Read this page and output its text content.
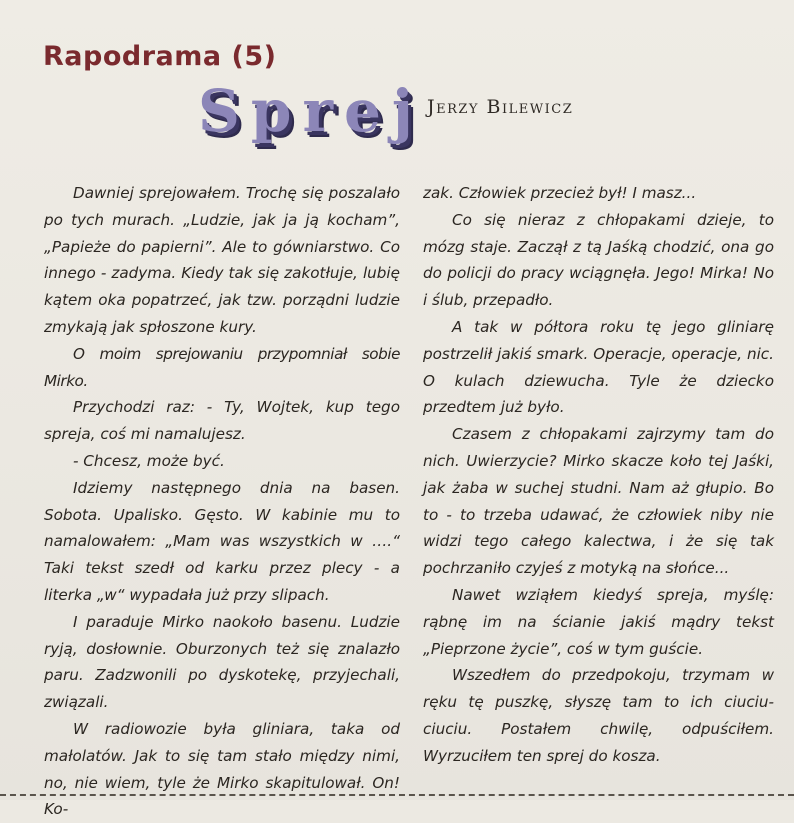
Rapodrama (5)
Sprej Jerzy Bilewicz

Dawniej sprejowałem. Trochę się poszalało po tych murach. „Ludzie, jak ja ją kocham”, „Papieże do papierni”. Ale to gówniarstwo. Co innego - zadyma. Kiedy tak się zakotłuje, lubię kątem oka popatrzeć, jak tzw. porządni ludzie zmykają jak spłoszone kury.

O moim sprejowaniu przypomniał sobie Mirko.

Przychodzi raz: - Ty, Wojtek, kup tego spreja, coś mi namalujesz.

- Chcesz, może być.

Idziemy następnego dnia na basen. Sobota. Upalisko. Gęsto. W kabinie mu to namalowałem: „Mam was wszystkich w ….“ Taki tekst szedł od karku przez plecy - a literka „w“ wypadała już przy slipach.

I paraduje Mirko naokoło basenu. Ludzie ryją, dosłownie. Oburzonych też się znalazło paru. Zadzwonili po dyskotekę, przyjechali, związali.

W radiowozie była gliniara, taka od małolatów. Jak to się tam stało między nimi, no, nie wiem, tyle że Mirko skapitulował. On! Ko-

zak. Człowiek przecież był! I masz...

Co się nieraz z chłopakami dzieje, to mózg staje. Zaczął z tą Jaśką chodzić, ona go do policji do pracy wciągnęła. Jego! Mirka! No i ślub, przepadło.

A tak w półtora roku tę jego gliniarę postrzelił jakiś smark. Operacje, operacje, nic. O kulach dziewucha. Tyle że dziecko przedtem już było.

Czasem z chłopakami zajrzymy tam do nich. Uwierzycie? Mirko skacze koło tej Jaśki, jak żaba w suchej studni. Nam aż głupio. Bo to - to trzeba udawać, że człowiek niby nie widzi tego całego kalectwa, i że się tak pochrzaniło czyjeś z motyką na słońce...

Nawet wziąłem kiedyś spreja, myślę: rąbnę im na ścianie jakiś mądry tekst „Pieprzone życie”, coś w tym guście.

Wszedłem do przedpokoju, trzymam w ręku tę puszkę, słyszę tam to ich ciuciu-ciuciu. Postałem chwilę, odpuściłem. Wyrzuciłem ten sprej do kosza.
